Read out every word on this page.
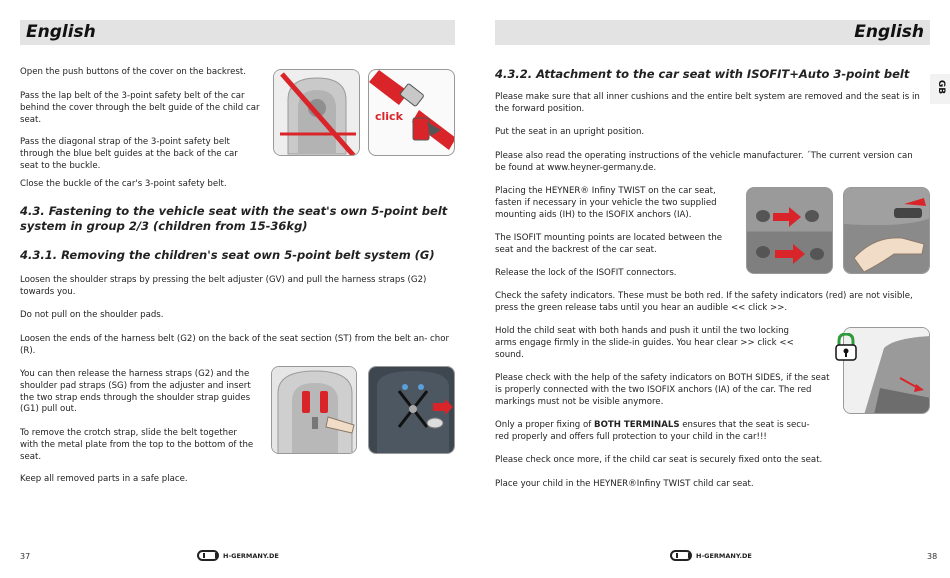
English
Open the push buttons of the cover on the backrest.
Pass the lap belt of the 3-point safety belt of the car behind the cover through the belt guide of the child car seat.
Pass the diagonal strap of the 3-point safety belt through the blue belt guides at the back of the car seat to the buckle.
Close the buckle of the car's 3-point safety belt.
click
4.3. Fastening to the vehicle seat with the seat's own 5-point belt system in group 2/3 (children from 15-36kg)
4.3.1. Removing the children's seat own 5-point belt system (G)
Loosen the shoulder straps by pressing the belt adjuster (GV) and pull the harness straps (G2) towards you.
Do not pull on the shoulder pads.
Loosen the ends of the harness belt (G2) on the back of the seat section (ST) from the belt an- chor (R).
You can then release the harness straps (G2) and the shoulder pad straps (SG) from the adjuster and insert the two strap ends through the shoulder strap guides (G1) pull out.
To remove the crotch strap, slide the belt together with the metal plate from the top to the bottom of the seat.
Keep all removed parts in a safe place.
37	H-GERMANY.DE
English
GB
4.3.2. Attachment to the car seat with ISOFIT+Auto 3-point belt
Please make sure that all inner cushions and the entire belt system are removed and the seat is in the forward position.
Put the seat in an upright position.
Please also read the operating instructions of the vehicle manufacturer. ´The current version can be found at www.heyner-germany.de.
Placing the HEYNER® Infiny TWIST on the car seat, fasten if necessary in your vehicle the two supplied mounting aids (IH) to the ISOFIX anchors (IA).
The ISOFIT mounting points are located between the seat and the backrest of the car seat.
Release the lock of the ISOFIT connectors.
Check the safety indicators. These must be both red. If the safety indicators (red) are not visible, press the green release tabs until you hear an audible << click >>.
Hold the child seat with both hands and push it until the two locking arms engage firmly in the slide-in guides. You hear clear >> click << sound.
Please check with the help of the safety indicators on BOTH SIDES, if the seat is properly connected with the two ISOFIX anchors (IA) of the car. The red markings must not be visible anymore.
Only a proper fixing of BOTH TERMINALS ensures that the seat is secu- red properly and offers full protection to your child in the car!!!
Please check once more, if the child car seat is securely fixed onto the seat.
Place your child in the HEYNER®Infiny TWIST child car seat.
38
H-GERMANY.DE
